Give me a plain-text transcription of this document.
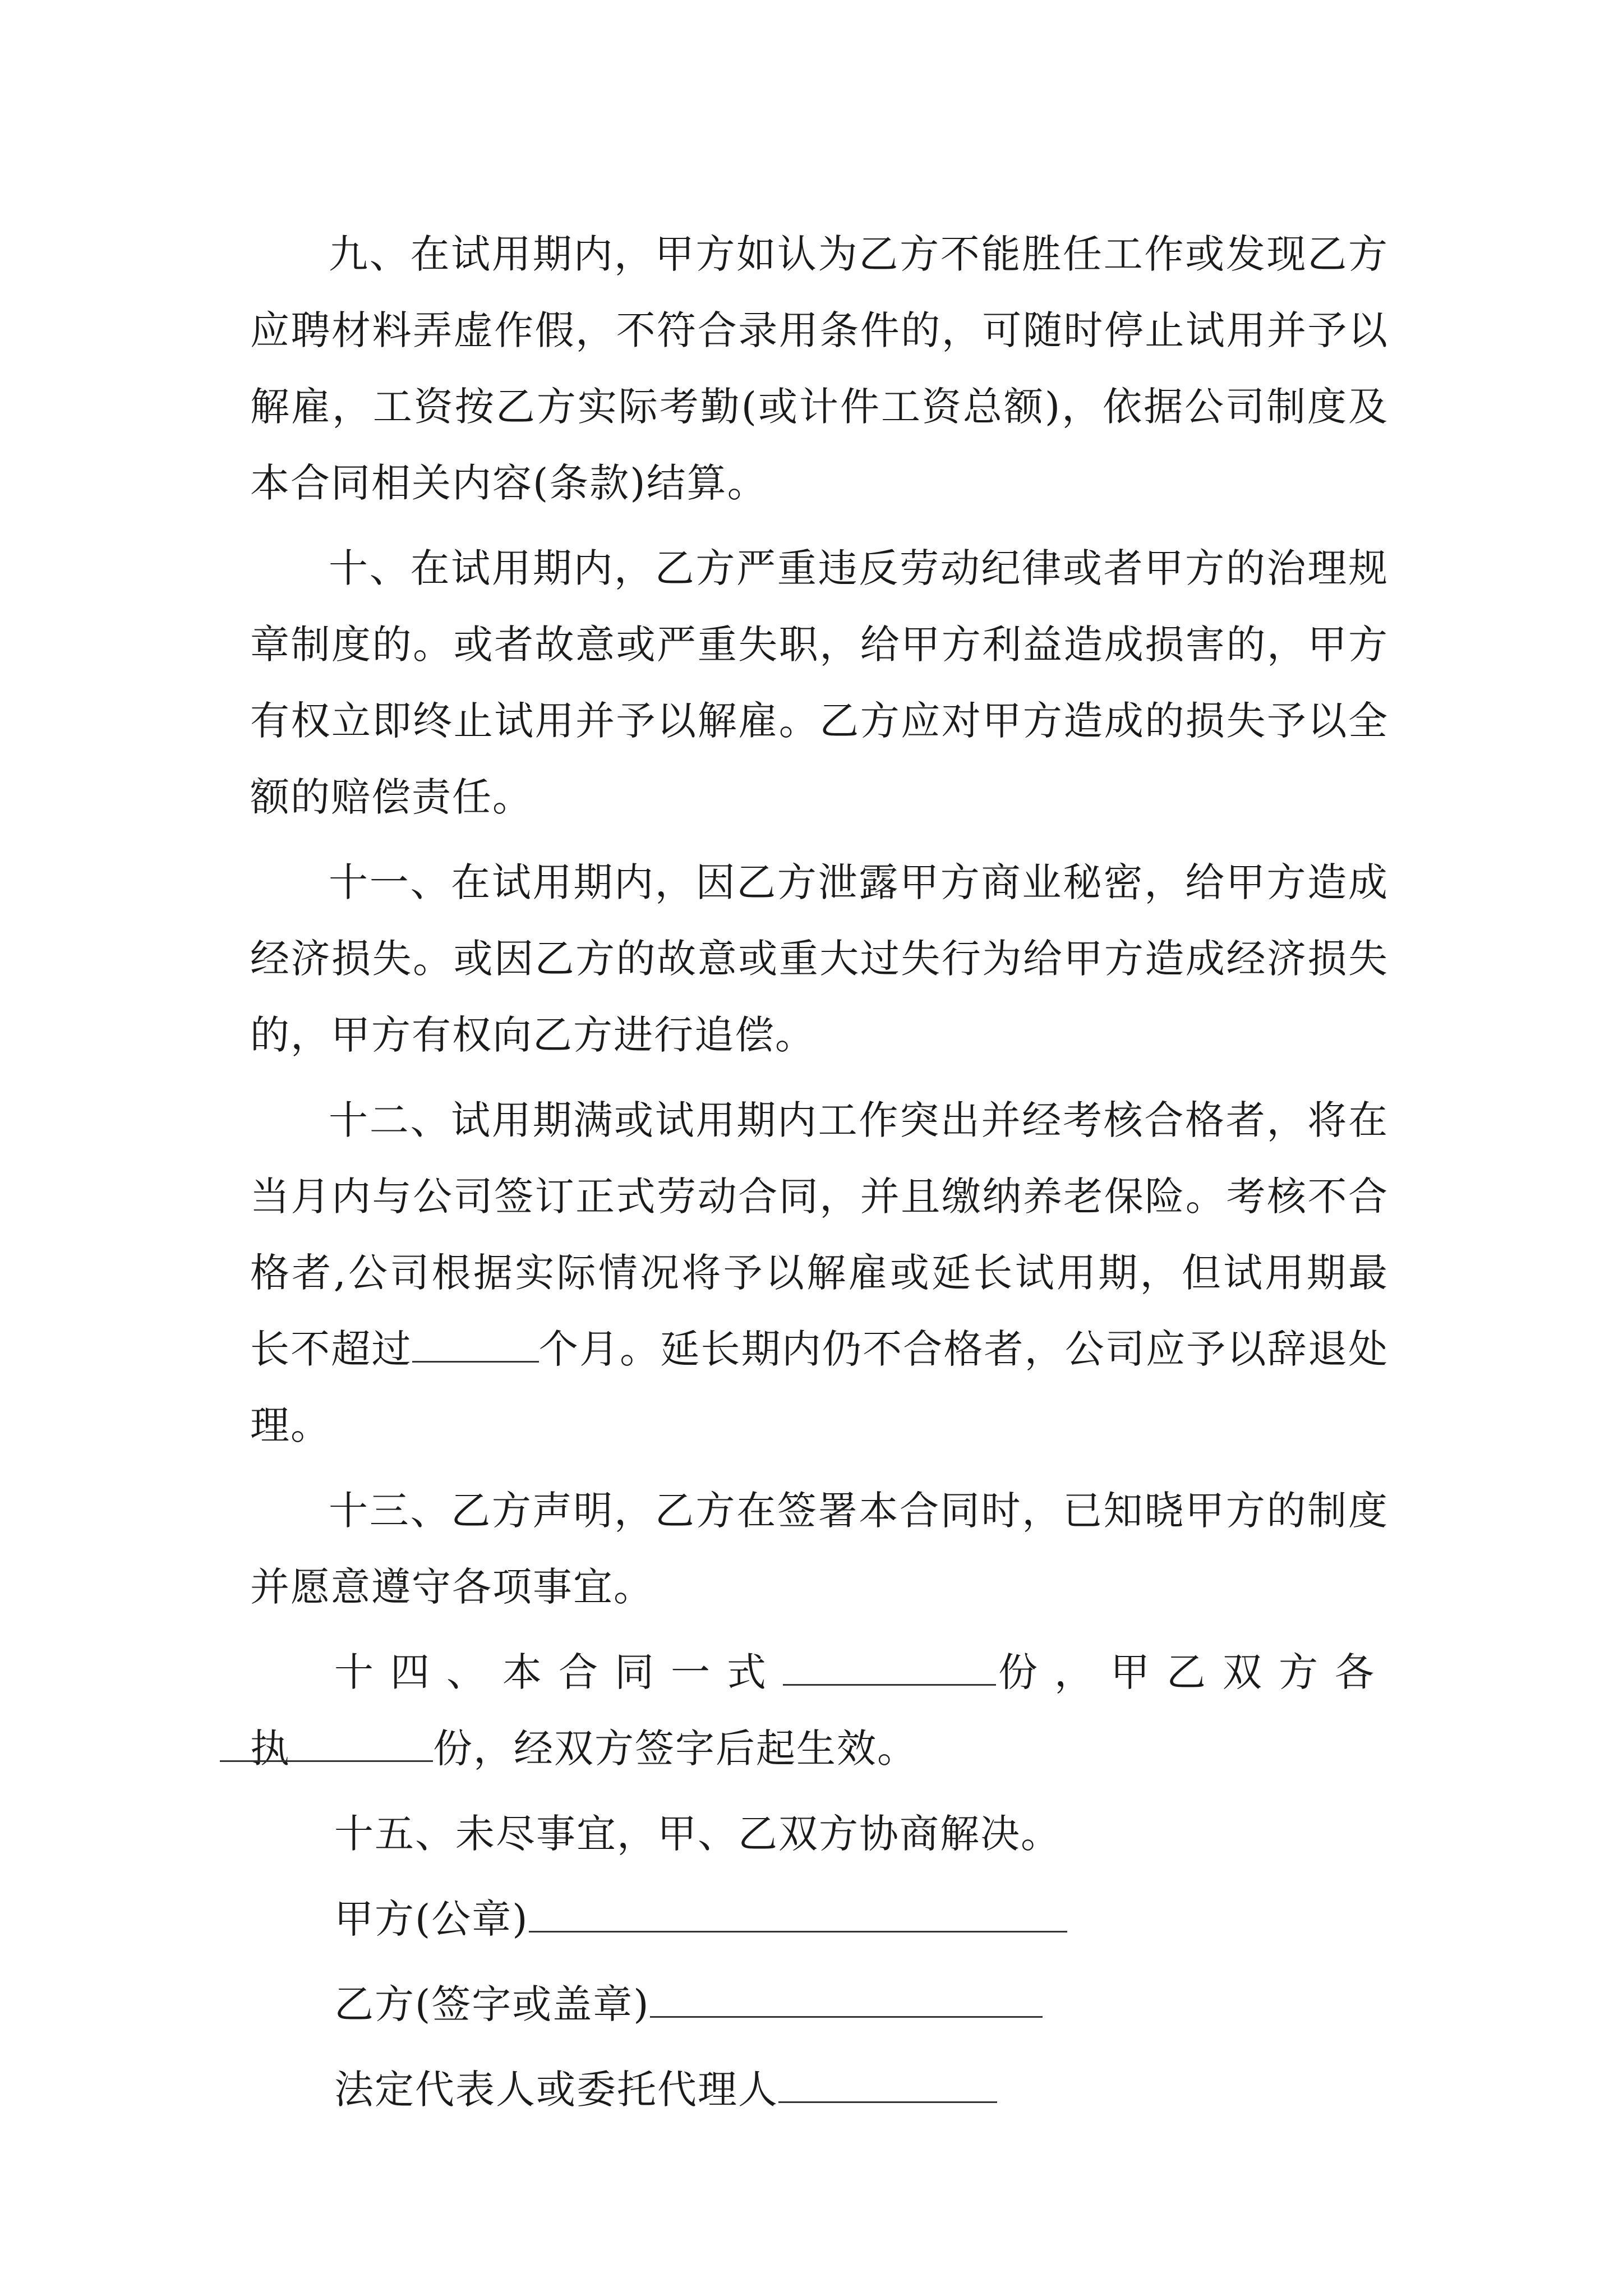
九、在试用期内，甲方如认为乙方不能胜任工作或发现乙方应聘材料弄虚作假，不符合录用条件的，可随时停止试用并予以解雇，工资按乙方实际考勤(或计件工资总额)，依据公司制度及本合同相关内容(条款)结算。

十、在试用期内，乙方严重违反劳动纪律或者甲方的治理规章制度的。或者故意或严重失职，给甲方利益造成损害的，甲方有权立即终止试用并予以解雇。乙方应对甲方造成的损失予以全额的赔偿责任。

十一、在试用期内，因乙方泄露甲方商业秘密，给甲方造成经济损失。或因乙方的故意或重大过失行为给甲方造成经济损失的，甲方有权向乙方进行追偿。

十二、试用期满或试用期内工作突出并经考核合格者，将在当月内与公司签订正式劳动合同，并且缴纳养老保险。考核不合格者,公司根据实际情况将予以解雇或延长试用期，但试用期最长不超过	个月。延长期内仍不合格者，公司应予以辞退处理。

十三、乙方声明，乙方在签署本合同时，已知晓甲方的制度并愿意遵守各项事宜。

十四、本合同一式	份，甲乙双方各执	份，经双方签字后起生效。

十五、未尽事宜，甲、乙双方协商解决。

甲方(公章)

乙方(签字或盖章)

法定代表人或委托代理人
